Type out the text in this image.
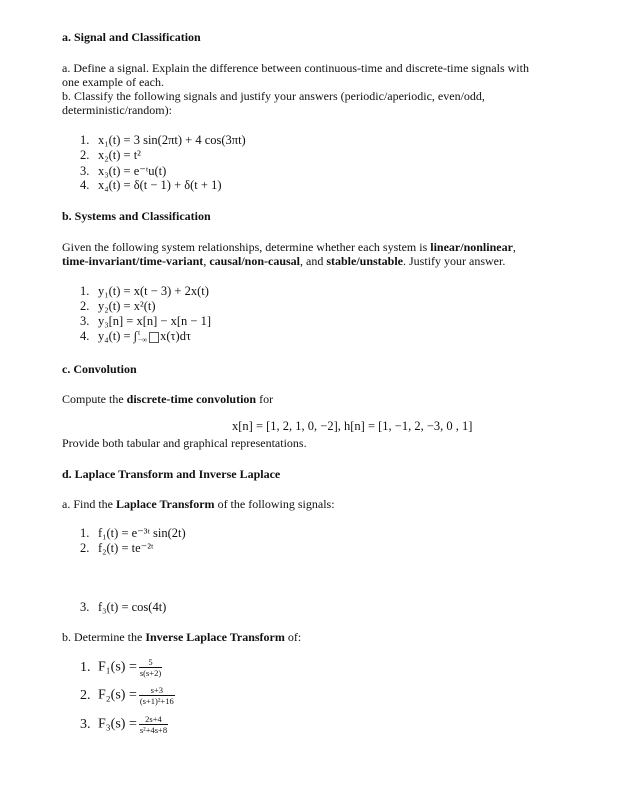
a. Signal and Classification
a. Define a signal. Explain the difference between continuous-time and discrete-time signals with
one example of each.
b. Classify the following signals and justify your answers (periodic/aperiodic, even/odd,
deterministic/random):
1. x₁(t) = 3 sin(2πt) + 4 cos(3πt)
2. x₂(t) = t²
3. x₃(t) = e⁻ᵗu(t)
4. x₄(t) = δ(t − 1) + δ(t + 1)
b. Systems and Classification
Given the following system relationships, determine whether each system is linear/nonlinear,
time-invariant/time-variant, causal/non-causal, and stable/unstable. Justify your answer.
1. y₁(t) = x(t − 3) + 2x(t)
2. y₂(t) = x²(t)
3. y₃[n] = x[n] − x[n − 1]
4. y₄(t) = ∫ t
−∞ x(τ)dτ
c. Convolution
Compute the discrete-time convolution for
x[n] = [1, 2, 1, 0, −2], h[n] = [1, −1, 2, −3, 0 , 1]
Provide both tabular and graphical representations.
d. Laplace Transform and Inverse Laplace
a. Find the Laplace Transform of the following signals:
1. f₁(t) = e⁻³ᵗ sin(2t)
2. f₂(t) = te⁻²ᵗ
3. f₃(t) = cos(4t)
b. Determine the Inverse Laplace Transform of:
1. $F_1(s) = \frac{5}{s(s+2)}$
2. $F_2(s) = \frac{s+3}{\text{(s+1)²+16}}$
3. $F_3(s) = \frac{2s+4}{\text{s²+4s+8}}$
